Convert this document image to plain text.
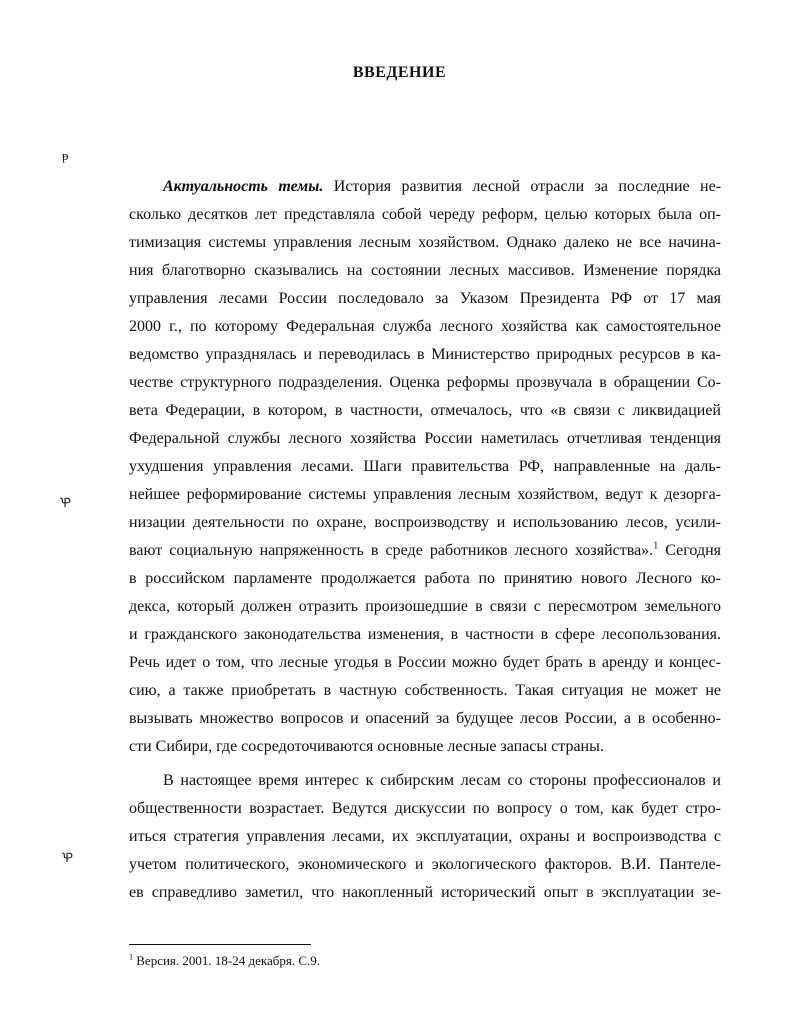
ВВЕДЕНИЕ
ᵽ
Ꝕ
Ꝕ
Актуальность темы. История развития лесной отрасли за последние не-
сколько десятков лет представляла собой череду реформ, целью которых была оп-
тимизация системы управления лесным хозяйством. Однако далеко не все начина-
ния благотворно сказывались на состоянии лесных массивов. Изменение порядка
управления лесами России последовало за Указом Президента РФ от 17 мая
2000 г., по которому Федеральная служба лесного хозяйства как самостоятельное
ведомство упразднялась и переводилась в Министерство природных ресурсов в ка-
честве структурного подразделения. Оценка реформы прозвучала в обращении Со-
вета Федерации, в котором, в частности, отмечалось, что «в связи с ликвидацией
Федеральной службы лесного хозяйства России наметилась отчетливая тенденция
ухудшения управления лесами. Шаги правительства РФ, направленные на даль-
нейшее реформирование системы управления лесным хозяйством, ведут к дезорга-
низации деятельности по охране, воспроизводству и использованию лесов, усили-
вают социальную напряженность в среде работников лесного хозяйства».$^1$ Сегодня
в российском парламенте продолжается работа по принятию нового Лесного ко-
декса, который должен отразить произошедшие в связи с пересмотром земельного
и гражданского законодательства изменения, в частности в сфере лесопользования.
Речь идет о том, что лесные угодья в России можно будет брать в аренду и концес-
сию, а также приобретать в частную собственность. Такая ситуация не может не
вызывать множество вопросов и опасений за будущее лесов России, а в особенно-
сти Сибири, где сосредоточиваются основные лесные запасы страны.
В настоящее время интерес к сибирским лесам со стороны профессионалов и
общественности возрастает. Ведутся дискуссии по вопросу о том, как будет стро-
иться стратегия управления лесами, их эксплуатации, охраны и воспроизводства с
учетом политического, экономического и экологического факторов. В.И. Пантеле-
ев справедливо заметил, что накопленный исторический опыт в эксплуатации зе-
$^1$ Версия. 2001. 18-24 декабря. С.9.
